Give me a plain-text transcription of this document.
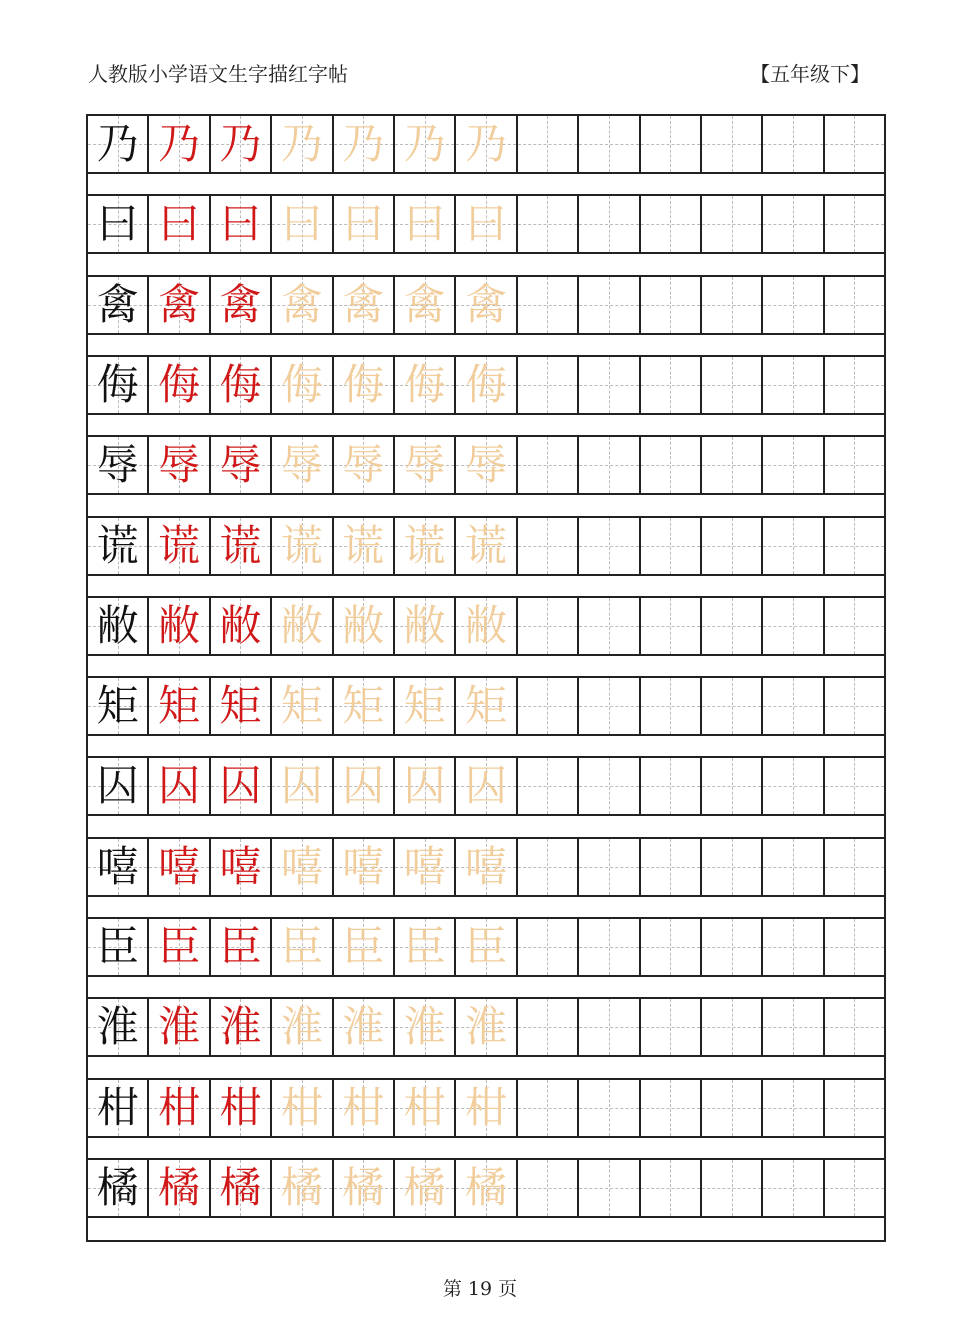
人教版小学语文生字描红字帖	【五年级下】
乃 乃 乃 乃 乃 乃 乃
曰 曰 曰 曰 曰 曰 曰
禽 禽 禽 禽 禽 禽 禽
侮 侮 侮 侮 侮 侮 侮
辱 辱 辱 辱 辱 辱 辱
谎 谎 谎 谎 谎 谎 谎
敝 敝 敝 敝 敝 敝 敝
矩 矩 矩 矩 矩 矩 矩
囚 囚 囚 囚 囚 囚 囚
嘻 嘻 嘻 嘻 嘻 嘻 嘻
臣 臣 臣 臣 臣 臣 臣
淮 淮 淮 淮 淮 淮 淮
柑 柑 柑 柑 柑 柑 柑
橘 橘 橘 橘 橘 橘 橘
第 19 页
